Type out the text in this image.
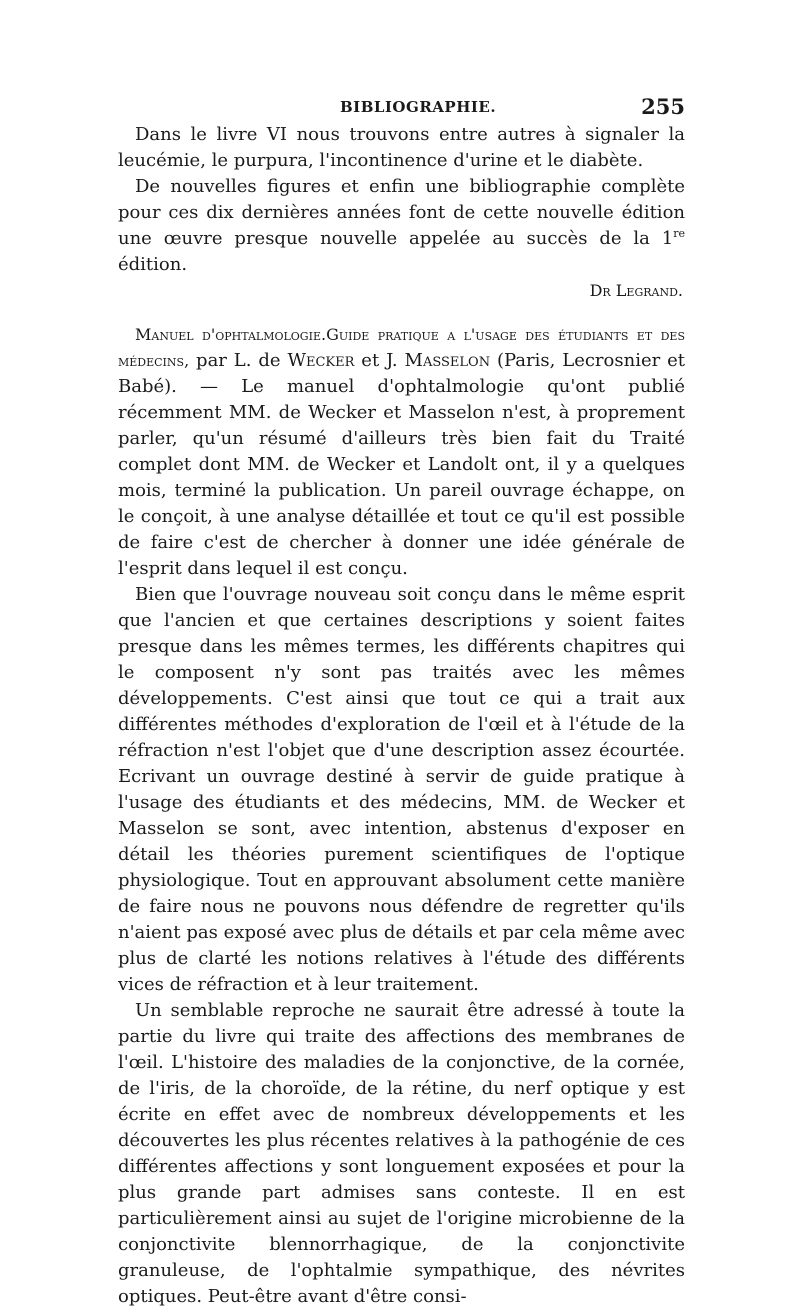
BIBLIOGRAPHIE.	255

Dans le livre VI nous trouvons entre autres à signaler la leucémie, le purpura, l'incontinence d'urine et le diabète.

De nouvelles figures et enfin une bibliographie complète pour ces dix dernières années font de cette nouvelle édition une œuvre presque nouvelle appelée au succès de la 1re édition.

Dr Legrand.

Manuel d'ophtalmologie.Guide pratique a l'usage des étudiants et des médecins, par L. de Wecker et J. Masselon (Paris, Lecrosnier et Babé). — Le manuel d'ophtalmologie qu'ont publié récemment MM. de Wecker et Masselon n'est, à proprement parler, qu'un résumé d'ailleurs très bien fait du Traité complet dont MM. de Wecker et Landolt ont, il y a quelques mois, terminé la publication. Un pareil ouvrage échappe, on le conçoit, à une analyse détaillée et tout ce qu'il est possible de faire c'est de chercher à donner une idée générale de l'esprit dans lequel il est conçu.

Bien que l'ouvrage nouveau soit conçu dans le même esprit que l'ancien et que certaines descriptions y soient faites presque dans les mêmes termes, les différents chapitres qui le composent n'y sont pas traités avec les mêmes développements. C'est ainsi que tout ce qui a trait aux différentes méthodes d'exploration de l'œil et à l'étude de la réfraction n'est l'objet que d'une description assez écourtée. Ecrivant un ouvrage destiné à servir de guide pratique à l'usage des étudiants et des médecins, MM. de Wecker et Masselon se sont, avec intention, abstenus d'exposer en détail les théories purement scientifiques de l'optique physiologique. Tout en approuvant absolument cette manière de faire nous ne pouvons nous défendre de regretter qu'ils n'aient pas exposé avec plus de détails et par cela même avec plus de clarté les notions relatives à l'étude des différents vices de réfraction et à leur traitement.

Un semblable reproche ne saurait être adressé à toute la partie du livre qui traite des affections des membranes de l'œil. L'histoire des maladies de la conjonctive, de la cornée, de l'iris, de la choroïde, de la rétine, du nerf optique y est écrite en effet avec de nombreux développements et les découvertes les plus récentes relatives à la pathogénie de ces différentes affections y sont longuement exposées et pour la plus grande part admises sans conteste. Il en est particulièrement ainsi au sujet de l'origine microbienne de la conjonctivite blennorrhagique, de la conjonctivite granuleuse, de l'ophtalmie sympathique, des névrites optiques. Peut-être avant d'être consi-
